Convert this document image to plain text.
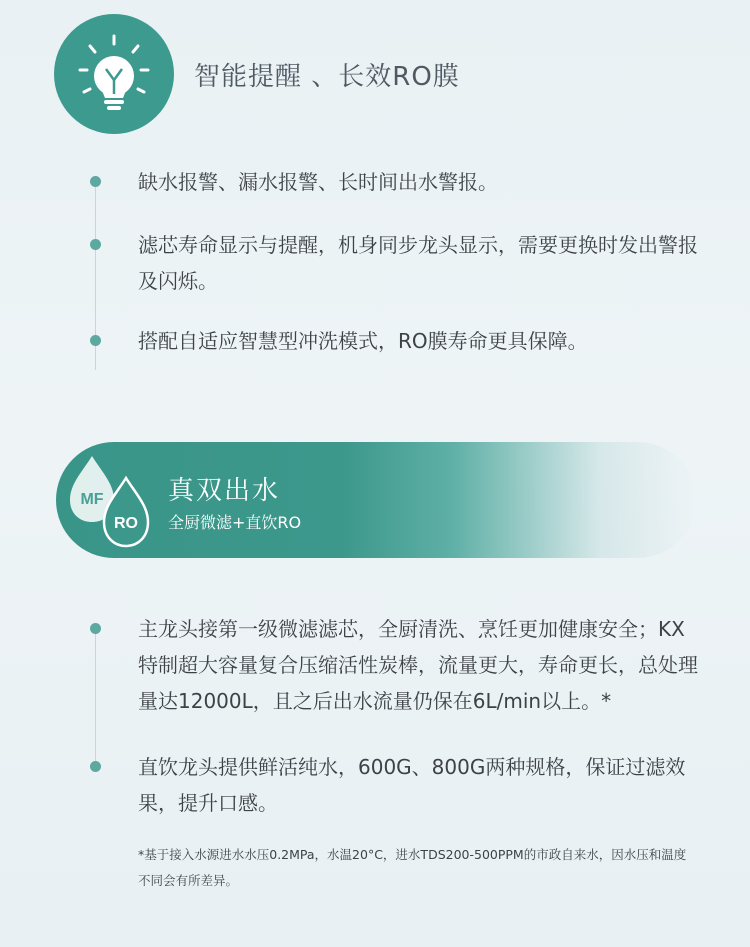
智能提醒 、长效RO膜
缺水报警、漏水报警、长时间出水警报。
滤芯寿命显示与提醒，机身同步龙头显示，需要更换时发出警报及闪烁。
搭配自适应智慧型冲洗模式，RO膜寿命更具保障。
MF
RO
真双出水
全厨微滤+直饮RO
主龙头接第一级微滤滤芯，全厨清洗、烹饪更加健康安全；KX特制超大容量复合压缩活性炭棒，流量更大，寿命更长，总处理量达12000L，且之后出水流量仍保在6L/min以上。*
直饮龙头提供鲜活纯水，600G、800G两种规格，保证过滤效果，提升口感。
*基于接入水源进水水压0.2MPa，水温20°C，进水TDS200-500PPM的市政自来水，因水压和温度不同会有所差异。
